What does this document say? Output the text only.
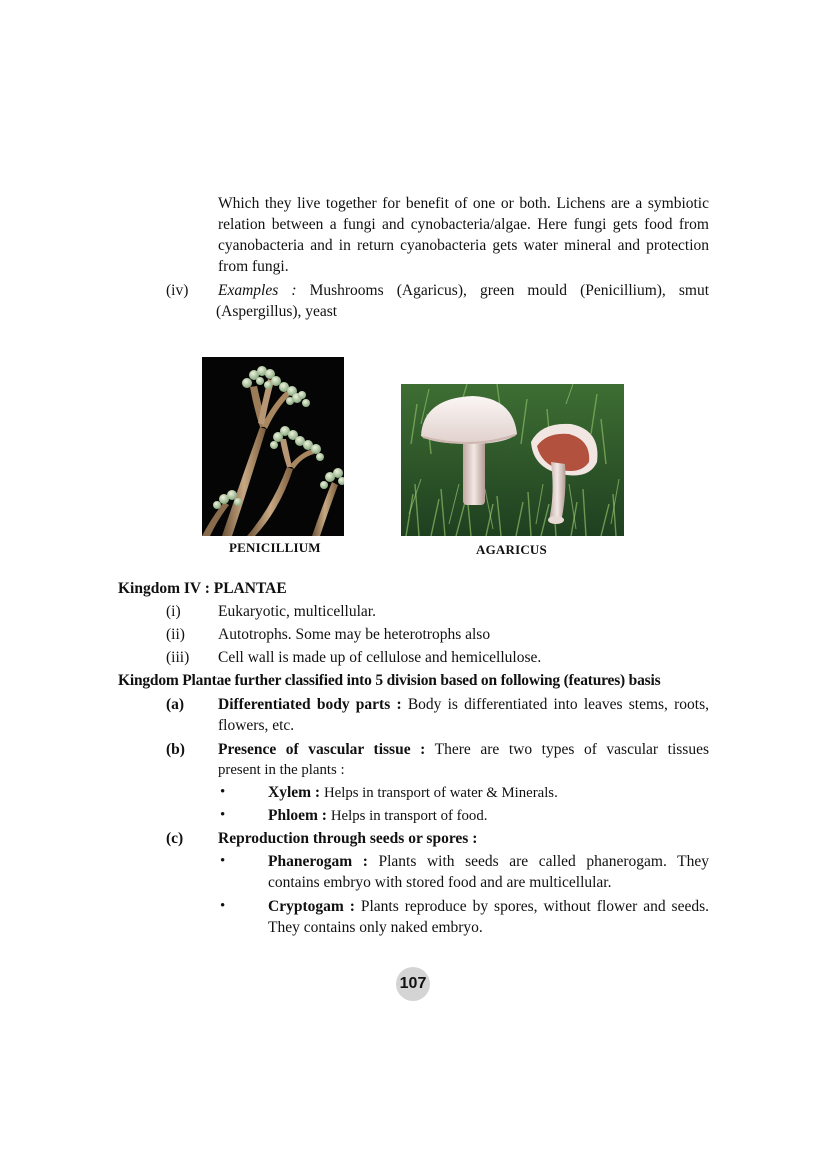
Which they live together for benefit of one or both. Lichens are a symbiotic
relation between a fungi and cynobacteria/algae. Here fungi gets food from
cyanobacteria and in return cyanobacteria gets water mineral and protection
from fungi.
(iv) Examples : Mushrooms (Agaricus), green mould (Penicillium), smut
(Aspergillus), yeast
PENICILLIUM	AGARICUS
Kingdom IV : PLANTAE
(i) Eukaryotic, multicellular.
(ii) Autotrophs. Some may be heterotrophs also
(iii) Cell wall is made up of cellulose and hemicellulose.
Kingdom Plantae further classified into 5 division based on following (features) basis
(a) Differentiated body parts : Body is differentiated into leaves stems, roots,
flowers, etc.
(b) Presence of vascular tissue : There are two types of vascular tissues
present in the plants :
•	Xylem : Helps in transport of water & Minerals.
•	Phloem : Helps in transport of food.
(c) Reproduction through seeds or spores :
•	Phanerogam : Plants with seeds are called phanerogam. They
contains embryo with stored food and are multicellular.
•	Cryptogam : Plants reproduce by spores, without flower and seeds.
They contains only naked embryo.
107
